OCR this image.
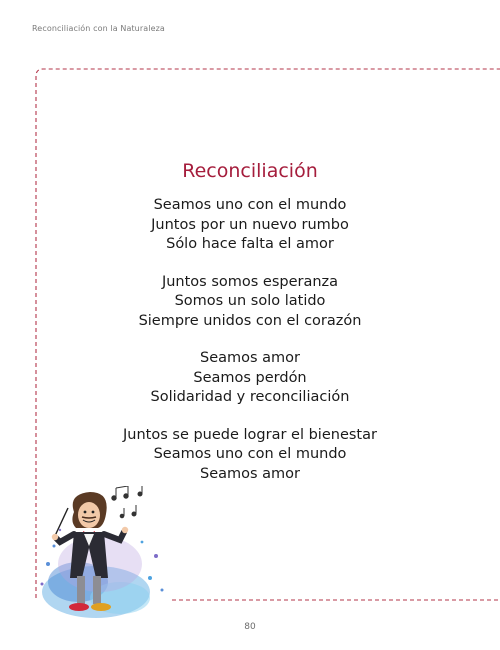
Reconciliación con la Naturaleza
Reconciliación
Seamos uno con el mundo
Juntos por un nuevo rumbo
Sólo hace falta el amor
Juntos somos esperanza
Somos un solo latido
Siempre unidos con el corazón
Seamos amor
Seamos perdón
Solidaridad y reconciliación
Juntos se puede lograr el bienestar
Seamos uno con el mundo
Seamos amor
80
